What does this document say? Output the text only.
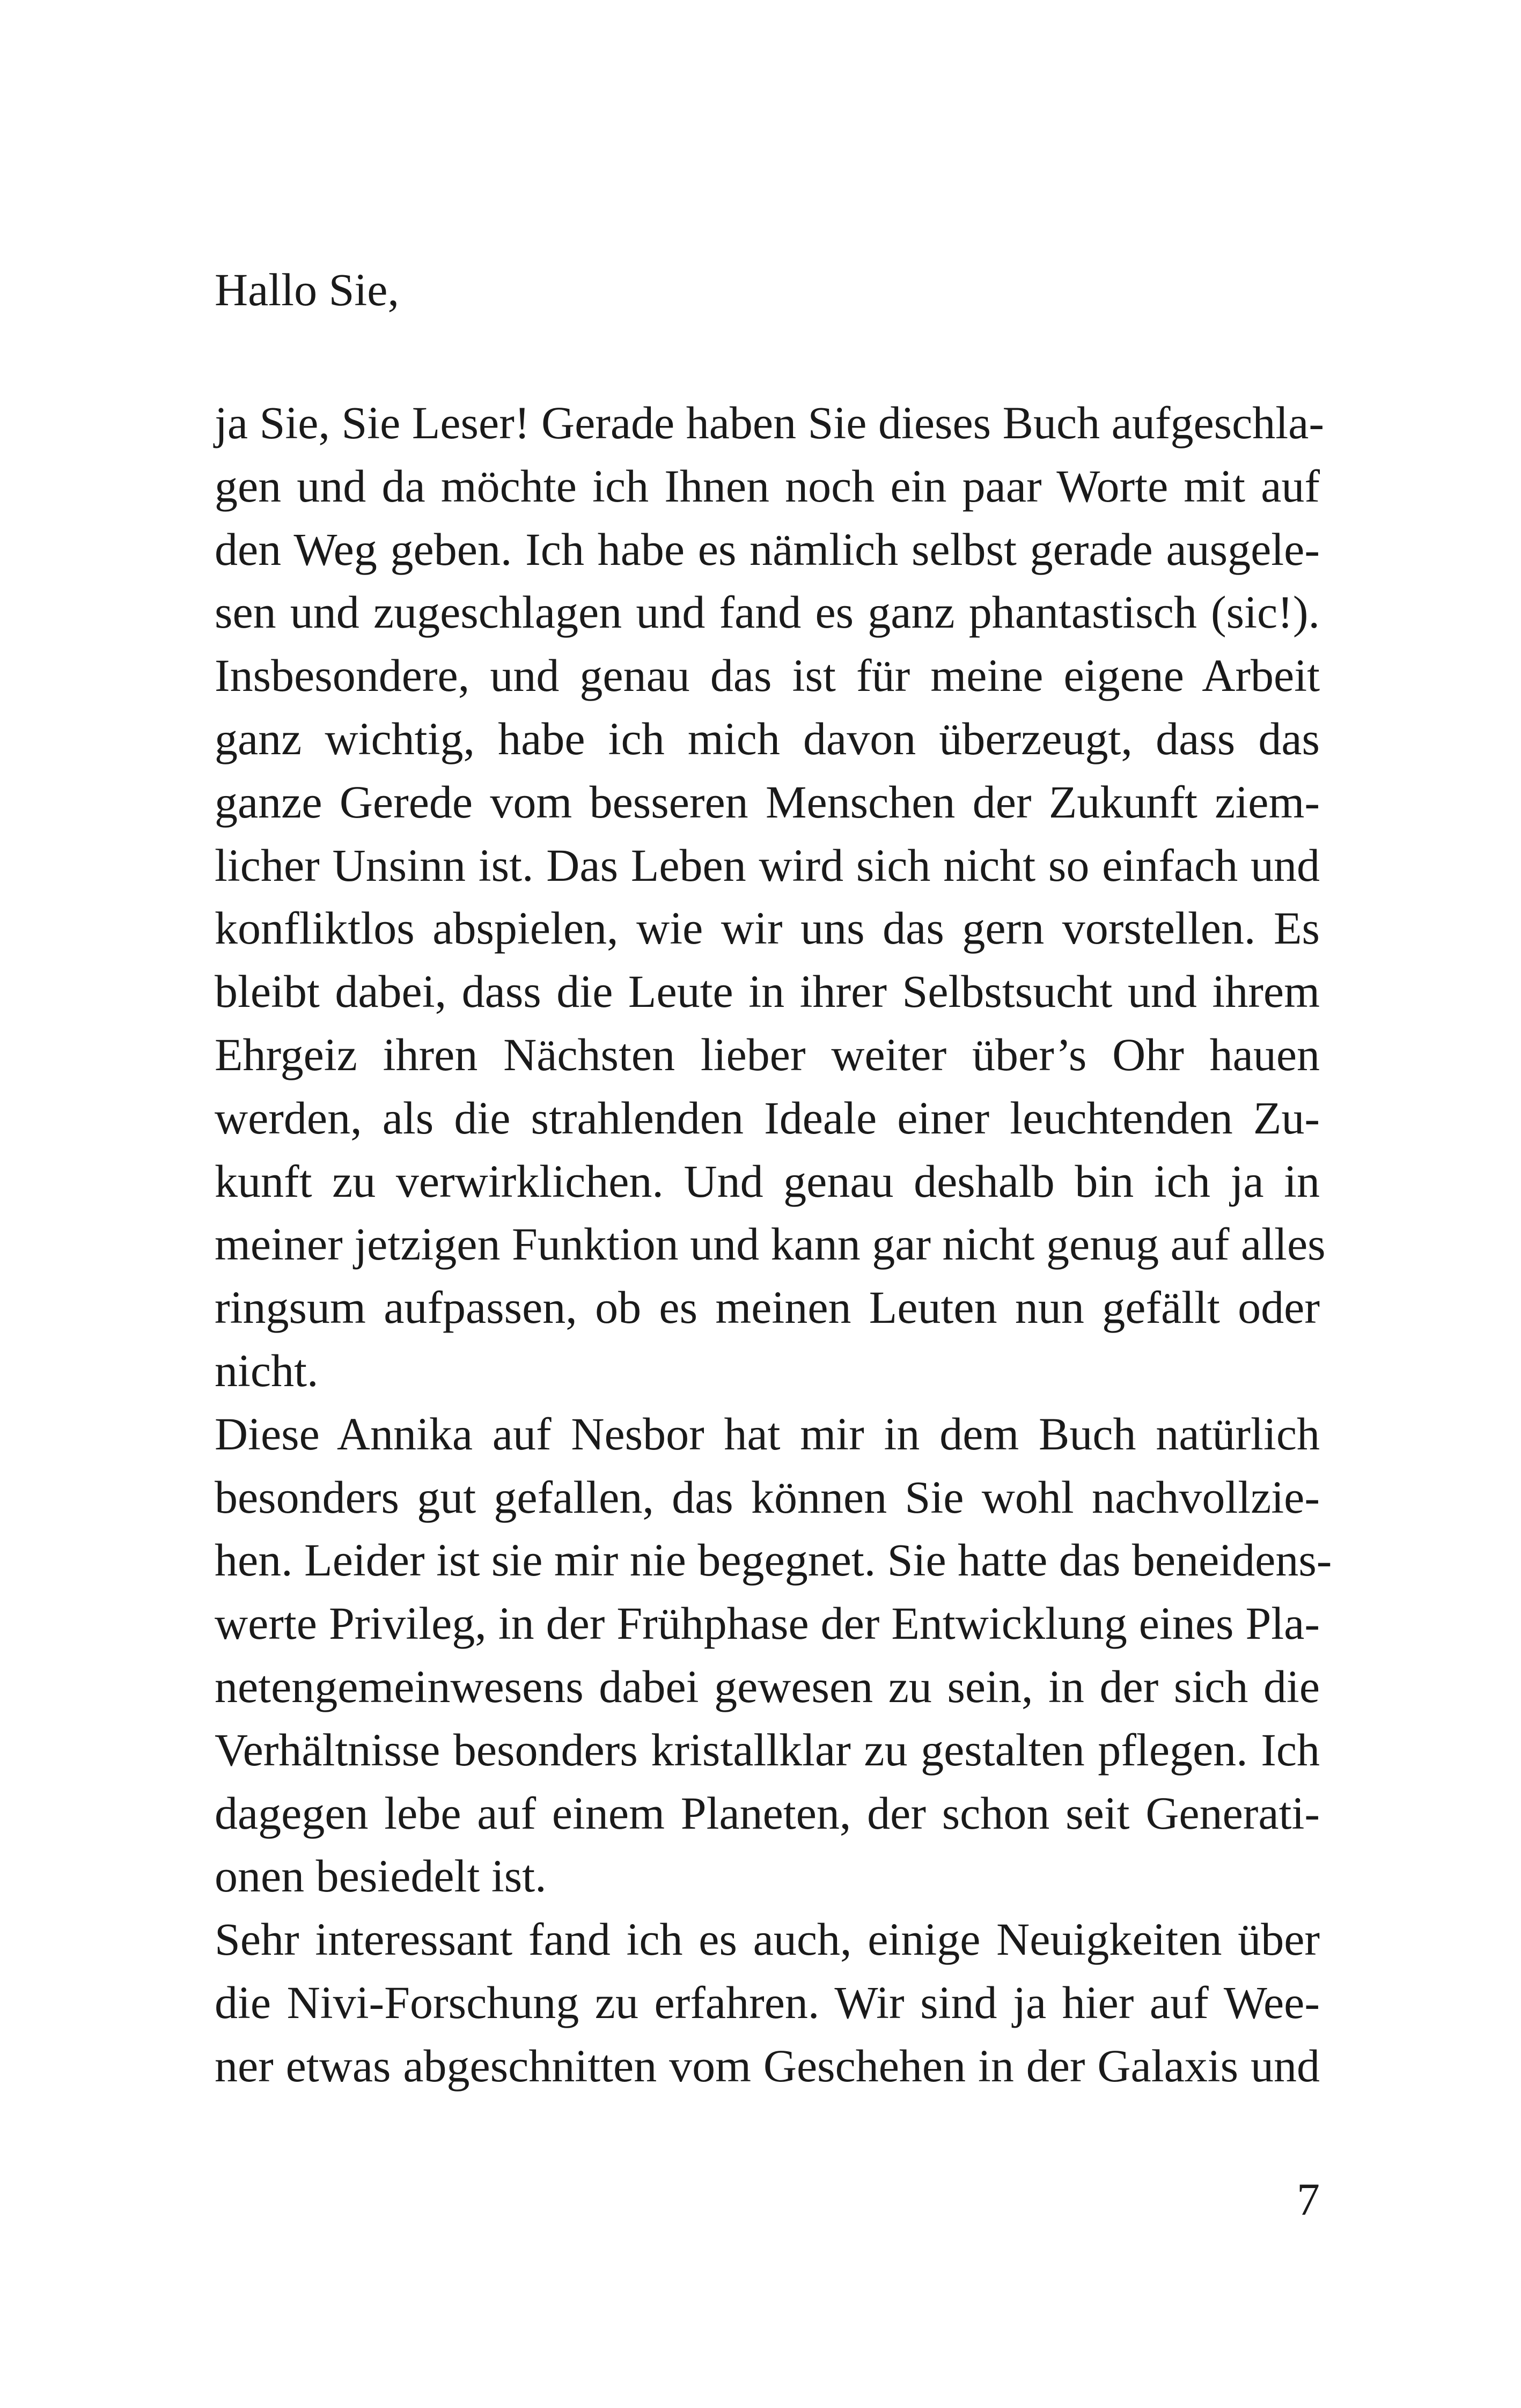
Hallo Sie,

ja Sie, Sie Leser! Gerade haben Sie dieses Buch aufgeschla-
gen und da möchte ich Ihnen noch ein paar Worte mit auf
den Weg geben. Ich habe es nämlich selbst gerade ausgele-
sen und zugeschlagen und fand es ganz phantastisch (sic!).
Insbesondere, und genau das ist für meine eigene Arbeit
ganz wichtig, habe ich mich davon überzeugt, dass das
ganze Gerede vom besseren Menschen der Zukunft ziem-
licher Unsinn ist. Das Leben wird sich nicht so einfach und
konfliktlos abspielen, wie wir uns das gern vorstellen. Es
bleibt dabei, dass die Leute in ihrer Selbstsucht und ihrem
Ehrgeiz ihren Nächsten lieber weiter über’s Ohr hauen
werden, als die strahlenden Ideale einer leuchtenden Zu-
kunft zu verwirklichen. Und genau deshalb bin ich ja in
meiner jetzigen Funktion und kann gar nicht genug auf alles
ringsum aufpassen, ob es meinen Leuten nun gefällt oder
nicht.
Diese Annika auf Nesbor hat mir in dem Buch natürlich
besonders gut gefallen, das können Sie wohl nachvollzie-
hen. Leider ist sie mir nie begegnet. Sie hatte das beneidens-
werte Privileg, in der Frühphase der Entwicklung eines Pla-
netengemeinwesens dabei gewesen zu sein, in der sich die
Verhältnisse besonders kristallklar zu gestalten pflegen. Ich
dagegen lebe auf einem Planeten, der schon seit Generati-
onen besiedelt ist.
Sehr interessant fand ich es auch, einige Neuigkeiten über
die Nivi-Forschung zu erfahren. Wir sind ja hier auf Wee-
ner etwas abgeschnitten vom Geschehen in der Galaxis und
7
